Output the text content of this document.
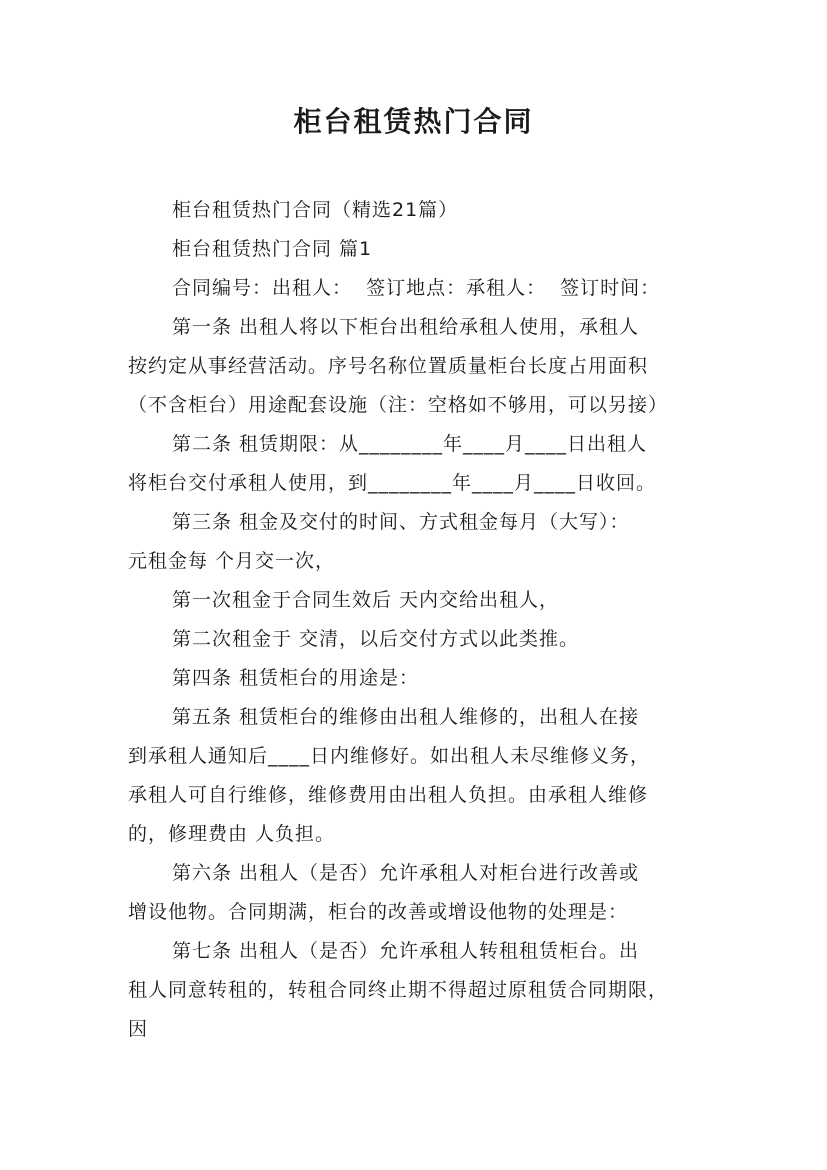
柜台租赁热门合同
柜台租赁热门合同（精选21篇）
柜台租赁热门合同 篇1
合同编号：出租人：  签订地点：承租人：  签订时间：
第一条 出租人将以下柜台出租给承租人使用，承租人
按约定从事经营活动。序号名称位置质量柜台长度占用面积
（不含柜台）用途配套设施（注：空格如不够用，可以另接）
第二条 租赁期限：从________年____月____日出租人
将柜台交付承租人使用，到________年____月____日收回。
第三条 租金及交付的时间、方式租金每月（大写）：
元租金每 个月交一次，
第一次租金于合同生效后 天内交给出租人，
第二次租金于 交清，以后交付方式以此类推。
第四条 租赁柜台的用途是：
第五条 租赁柜台的维修由出租人维修的，出租人在接
到承租人通知后____日内维修好。如出租人未尽维修义务，
承租人可自行维修，维修费用由出租人负担。由承租人维修
的，修理费由 人负担。
第六条 出租人（是否）允许承租人对柜台进行改善或
增设他物。合同期满，柜台的改善或增设他物的处理是：
第七条 出租人（是否）允许承租人转租租赁柜台。出
租人同意转租的，转租合同终止期不得超过原租赁合同期限，
因
